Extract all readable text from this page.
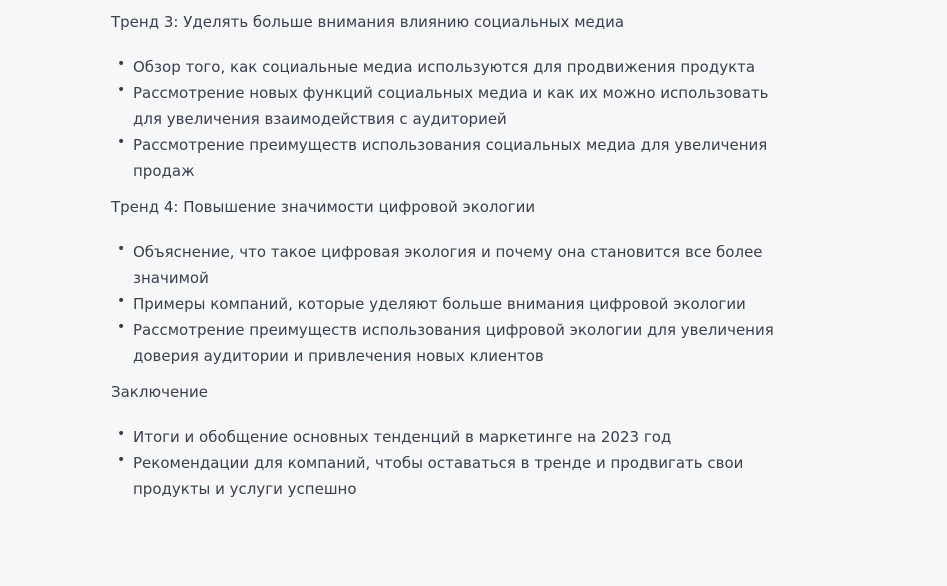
Тренд 3: Уделять больше внимания влиянию социальных медиа
• Обзор того, как социальные медиа используются для продвижения продукта
• Рассмотрение новых функций социальных медиа и как их можно использовать для увеличения взаимодействия с аудиторией
• Рассмотрение преимуществ использования социальных медиа для увеличения продаж
Тренд 4: Повышение значимости цифровой экологии
• Объяснение, что такое цифровая экология и почему она становится все более значимой
• Примеры компаний, которые уделяют больше внимания цифровой экологии
• Рассмотрение преимуществ использования цифровой экологии для увеличения доверия аудитории и привлечения новых клиентов
Заключение
• Итоги и обобщение основных тенденций в маркетинге на 2023 год
• Рекомендации для компаний, чтобы оставаться в тренде и продвигать свои продукты и услуги успешно
